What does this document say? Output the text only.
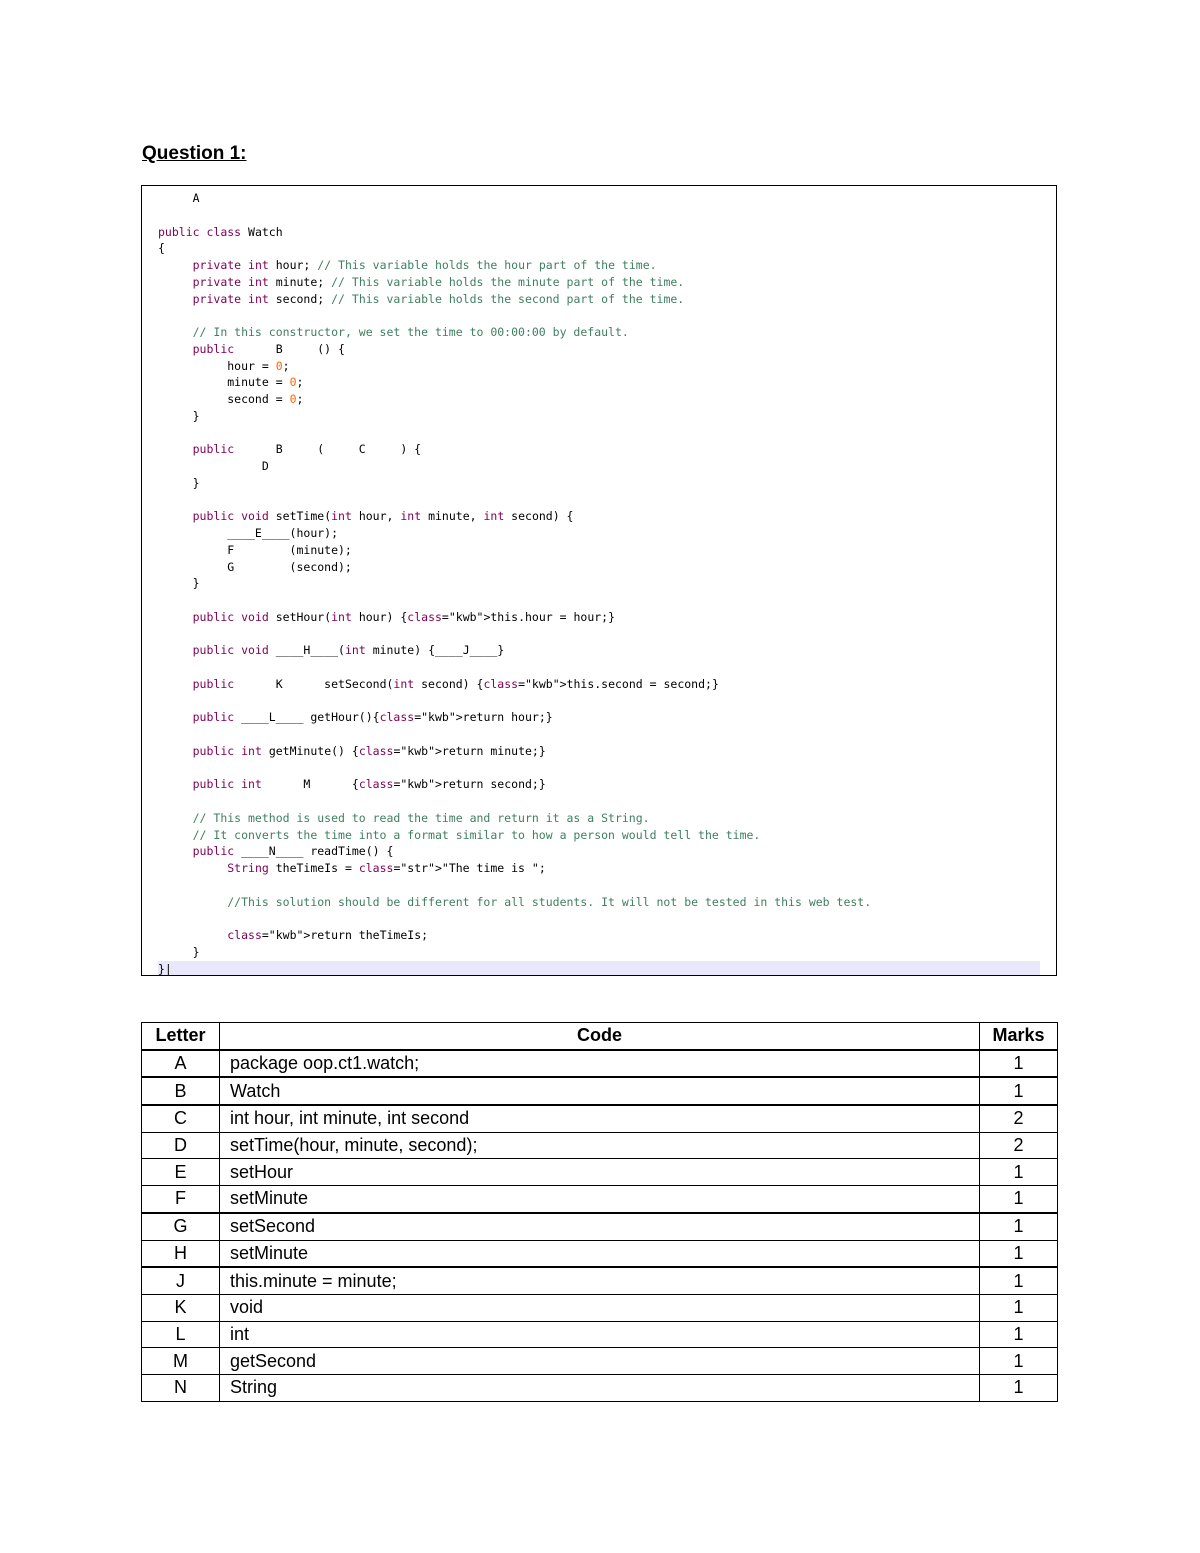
Question 1:
A
public class Watch
{
private int hour; // This variable holds the hour part of the time.
private int minute; // This variable holds the minute part of the time.
private int second; // This variable holds the second part of the time.
// In this constructor, we set the time to 00:00:00 by default.
public      B     () {
hour = 0;
minute = 0;
second = 0;
}
public      B     (     C     ) {
D
}
public void setTime(int hour, int minute, int second) {
____E____(hour);
F        (minute);
G        (second);
}
public void setHour(int hour) {class="kwb">this.hour = hour;}
public void ____H____(int minute) {____J____}
public      K      setSecond(int second) {class="kwb">this.second = second;}
public ____L____ getHour(){class="kwb">return hour;}
public int getMinute() {class="kwb">return minute;}
public int      M      {class="kwb">return second;}
// This method is used to read the time and return it as a String.
// It converts the time into a format similar to how a person would tell the time.
public ____N____ readTime() {
String theTimeIs = class="str">"The time is ";
//This solution should be different for all students. It will not be tested in this web test.
class="kwb">return theTimeIs;
}
}|
Letter	Code	Marks
A	package oop.ct1.watch;	1
B	Watch	1
C	int hour, int minute, int second	2
D	setTime(hour, minute, second);	2
E	setHour	1
F	setMinute	1
G	setSecond	1
H	setMinute	1
J	this.minute = minute;	1
K	void	1
L	int	1
M	getSecond	1
N	String	1
